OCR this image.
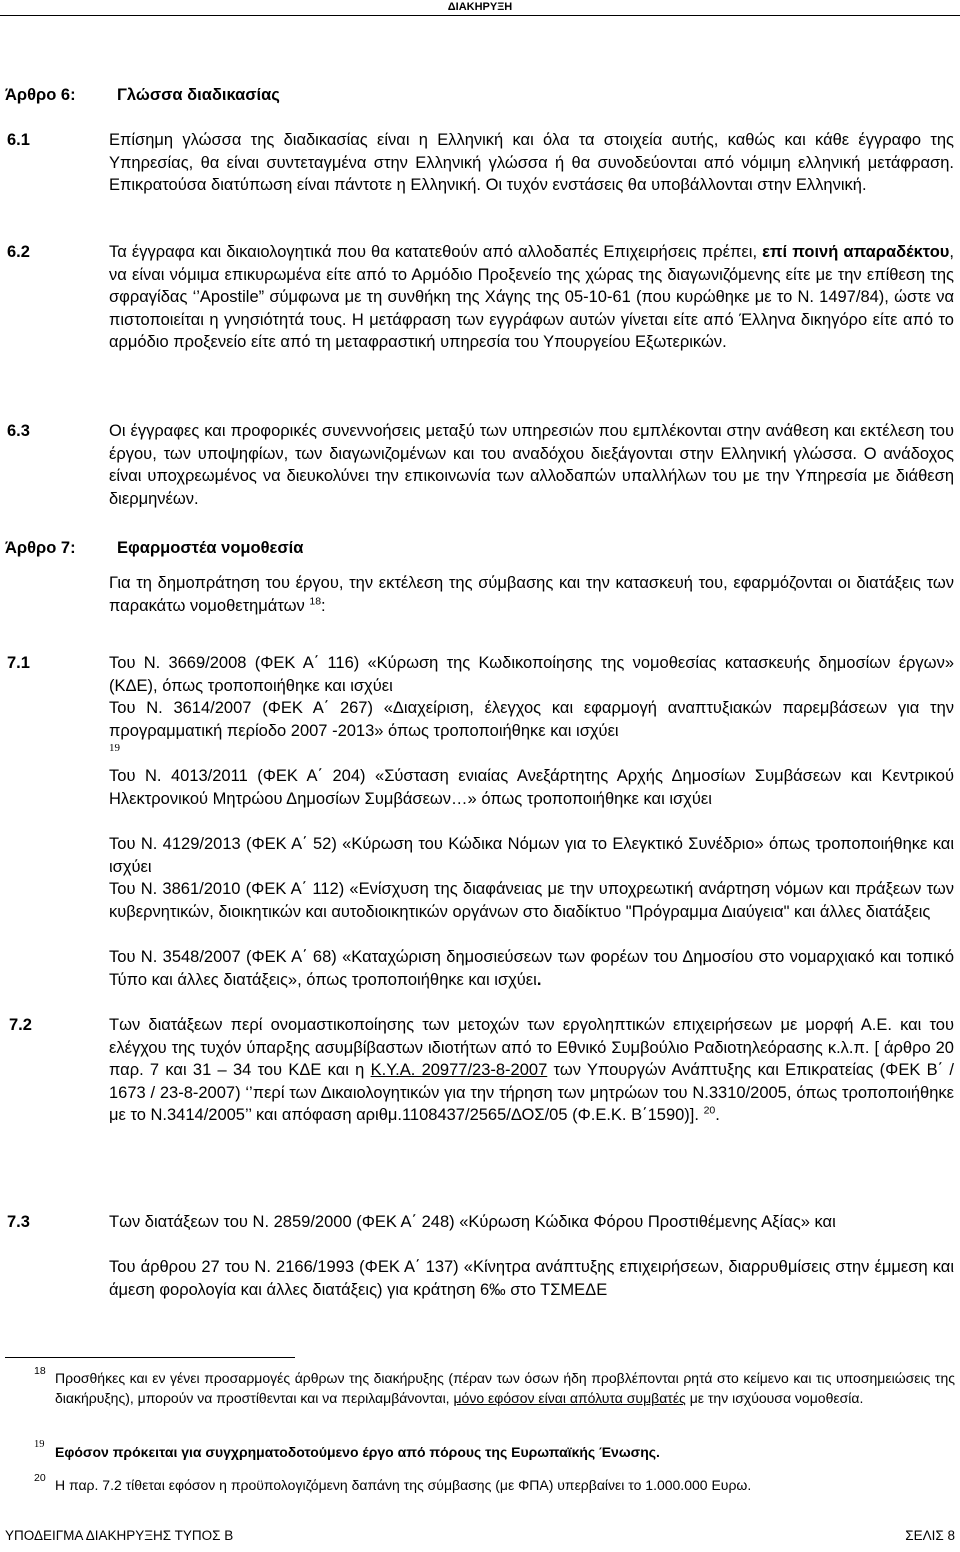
ΔΙΑΚΗΡΥΞΗ
Άρθρο 6:	Γλώσσα διαδικασίας
6.1	Επίσημη γλώσσα της διαδικασίας είναι η Ελληνική και όλα τα στοιχεία αυτής, καθώς και κάθε έγγραφο της Υπηρεσίας, θα είναι συντεταγμένα στην Ελληνική γλώσσα ή θα συνοδεύονται από νόμιμη ελληνική μετάφραση. Επικρατούσα διατύπωση είναι πάντοτε η Ελληνική. Οι τυχόν ενστάσεις θα υποβάλλονται στην Ελληνική.
6.2	Τα έγγραφα και δικαιολογητικά που θα κατατεθούν από αλλοδαπές Επιχειρήσεις πρέπει, επί ποινή απαραδέκτου, να είναι νόμιμα επικυρωμένα είτε από το Αρμόδιο Προξενείο της χώρας της διαγωνιζόμενης είτε με την επίθεση της σφραγίδας ‘’Apostile” σύμφωνα με τη συνθήκη της Χάγης της 05-10-61 (που κυρώθηκε με το Ν. 1497/84), ώστε να πιστοποιείται η γνησιότητά τους. Η μετάφραση των εγγράφων αυτών γίνεται είτε από Έλληνα δικηγόρο είτε από το αρμόδιο προξενείο είτε από τη μεταφραστική υπηρεσία του Υπουργείου Εξωτερικών.
6.3	Οι έγγραφες και προφορικές συνεννοήσεις μεταξύ των υπηρεσιών που εμπλέκονται στην ανάθεση και εκτέλεση του έργου, των υποψηφίων, των διαγωνιζομένων και του αναδόχου διεξάγονται στην Ελληνική γλώσσα. Ο ανάδοχος είναι υποχρεωμένος να διευκολύνει την επικοινωνία των αλλοδαπών υπαλλήλων του με την Υπηρεσία με διάθεση διερμηνέων.
Άρθρο 7:	Εφαρμοστέα νομοθεσία
Για τη δημοπράτηση του έργου, την εκτέλεση της σύμβασης και την κατασκευή του, εφαρμόζονται οι διατάξεις των παρακάτω νομοθετημάτων $^{18}$:
7.1	Του Ν. 3669/2008 (ΦΕΚ Α΄ 116) «Κύρωση της Κωδικοποίησης της νομοθεσίας κατασκευής δημοσίων έργων» (ΚΔΕ), όπως τροποποιήθηκε και ισχύει
Του Ν. 3614/2007 (ΦΕΚ Α΄ 267) «Διαχείριση, έλεγχος και εφαρμογή αναπτυξιακών παρεμβάσεων για την προγραμματική περίοδο 2007 -2013» όπως τροποποιήθηκε και ισχύει
19
Του Ν. 4013/2011 (ΦΕΚ Α΄ 204) «Σύσταση ενιαίας Ανεξάρτητης Αρχής Δημοσίων Συμβάσεων και Κεντρικού Ηλεκτρονικού Μητρώου Δημοσίων Συμβάσεων…» όπως τροποποιήθηκε και ισχύει
Του Ν. 4129/2013 (ΦΕΚ Α΄ 52) «Κύρωση του Κώδικα Νόμων για το Ελεγκτικό Συνέδριο» όπως τροποποιήθηκε και ισχύει
Του Ν. 3861/2010 (ΦΕΚ Α΄ 112) «Ενίσχυση της διαφάνειας με την υποχρεωτική ανάρτηση νόμων και πράξεων των κυβερνητικών, διοικητικών και αυτοδιοικητικών οργάνων στο διαδίκτυο "Πρόγραμμα Διαύγεια" και άλλες διατάξεις
Του Ν. 3548/2007 (ΦΕΚ Α΄ 68) «Καταχώριση δημοσιεύσεων των φορέων του Δημοσίου στο νομαρχιακό και τοπικό Τύπο και άλλες διατάξεις», όπως τροποποιήθηκε και ισχύει.
7.2	Των διατάξεων περί ονομαστικοποίησης των μετοχών των εργοληπτικών επιχειρήσεων με μορφή Α.Ε. και του ελέγχου της τυχόν ύπαρξης ασυμβίβαστων ιδιοτήτων από το Εθνικό Συμβούλιο Ραδιοτηλεόρασης κ.λ.π. [ άρθρο 20 παρ. 7 και 31 – 34 του ΚΔΕ και η Κ.Υ.Α. 20977/23-8-2007 των Υπουργών Ανάπτυξης και Επικρατείας (ΦΕΚ Β΄ / 1673 / 23-8-2007) ‘’περί των Δικαιολογητικών για την τήρηση των μητρώων του Ν.3310/2005, όπως τροποποιήθηκε με το Ν.3414/2005’’ και απόφαση αριθμ.1108437/2565/ΔΟΣ/05 (Φ.Ε.Κ. Β΄1590)]. $^{20}$.
7.3	Των διατάξεων του Ν. 2859/2000 (ΦΕΚ Α΄ 248) «Κύρωση Κώδικα Φόρου Προστιθέμενης Αξίας» και
Του άρθρου 27 του Ν. 2166/1993 (ΦΕΚ Α΄ 137) «Κίνητρα ανάπτυξης επιχειρήσεων, διαρρυθμίσεις στην έμμεση και άμεση φορολογία και άλλες διατάξεις) για κράτηση 6‰ στο ΤΣΜΕΔΕ
18 Προσθήκες και εν γένει προσαρμογές άρθρων της διακήρυξης (πέραν των όσων ήδη προβλέπονται ρητά στο κείμενο και τις υποσημειώσεις της διακήρυξης), μπορούν να προστίθενται και να περιλαμβάνονται, μόνο εφόσον είναι απόλυτα συμβατές με την ισχύουσα νομοθεσία.
19 Εφόσον πρόκειται για συγχρηματοδοτούμενο έργο από πόρους της Ευρωπαϊκής Ένωσης.
20 Η παρ. 7.2 τίθεται εφόσον η προϋπολογιζόμενη δαπάνη της σύμβασης (με ΦΠΑ) υπερβαίνει το 1.000.000 Ευρω.
ΥΠΟΔΕΙΓΜΑ ΔΙΑΚΗΡΥΞΗΣ ΤΥΠΟΣ Β	ΣΕΛΙΣ 8
